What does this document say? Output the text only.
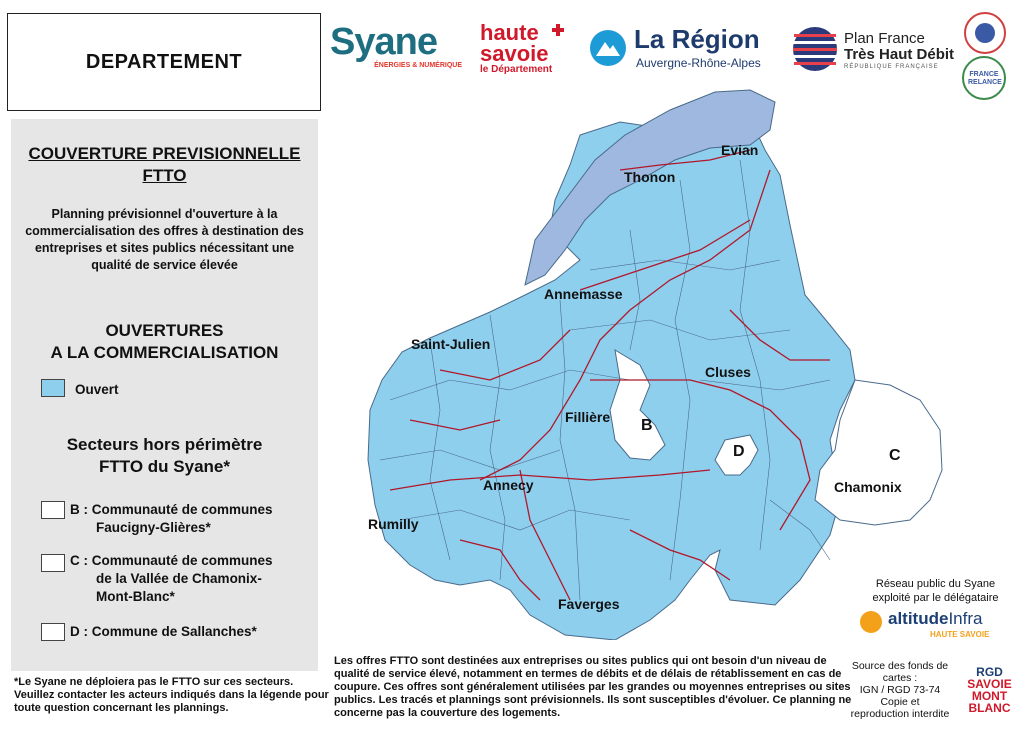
DEPARTEMENT Syane
ÉNERGIES & NUMÉRIQUE
haute
savoie
le Département
La Région
Auvergne-Rhône-Alpes
Plan France
Très Haut Débit
RÉPUBLIQUE FRANÇAISE
FRANCE RELANCE
COUVERTURE PREVISIONNELLE
FTTO
Planning prévisionnel d'ouverture à la commercialisation des offres à destination des entreprises et sites publics nécessitant une qualité de service élevée
OUVERTURES
A LA COMMERCIALISATION
Ouvert
Secteurs hors périmètre
FTTO du Syane*
B : Communauté de communes
Faucigny-Glières*
C : Communauté de communes
de la Vallée de Chamonix-
Mont-Blanc*
D : Commune de Sallanches*
Evian
Thonon
Annemasse
Saint-Julien
Cluses
Fillière
Annecy
Rumilly
Faverges
Chamonix
B
C
D
Réseau public du Syane
exploité par le délégataire
altitudeInfra
HAUTE SAVOIE
*Le Syane ne déploiera pas le FTTO sur ces secteurs. Veuillez contacter les acteurs indiqués dans la légende pour toute question concernant les plannings.
Les offres FTTO sont destinées aux entreprises ou sites publics qui ont besoin d'un niveau de qualité de service élevé, notamment en termes de débits et de délais de rétablissement en cas de coupure. Ces offres sont généralement utilisées par les grandes ou moyennes entreprises ou sites publics. Les tracés et plannings sont prévisionnels. Ils sont susceptibles d'évoluer. Ce planning ne concerne pas la couverture des logements.
Source des fonds de cartes :
IGN / RGD 73-74
Copie et reproduction interdite
RGD
SAVOIE
MONT
BLANC
